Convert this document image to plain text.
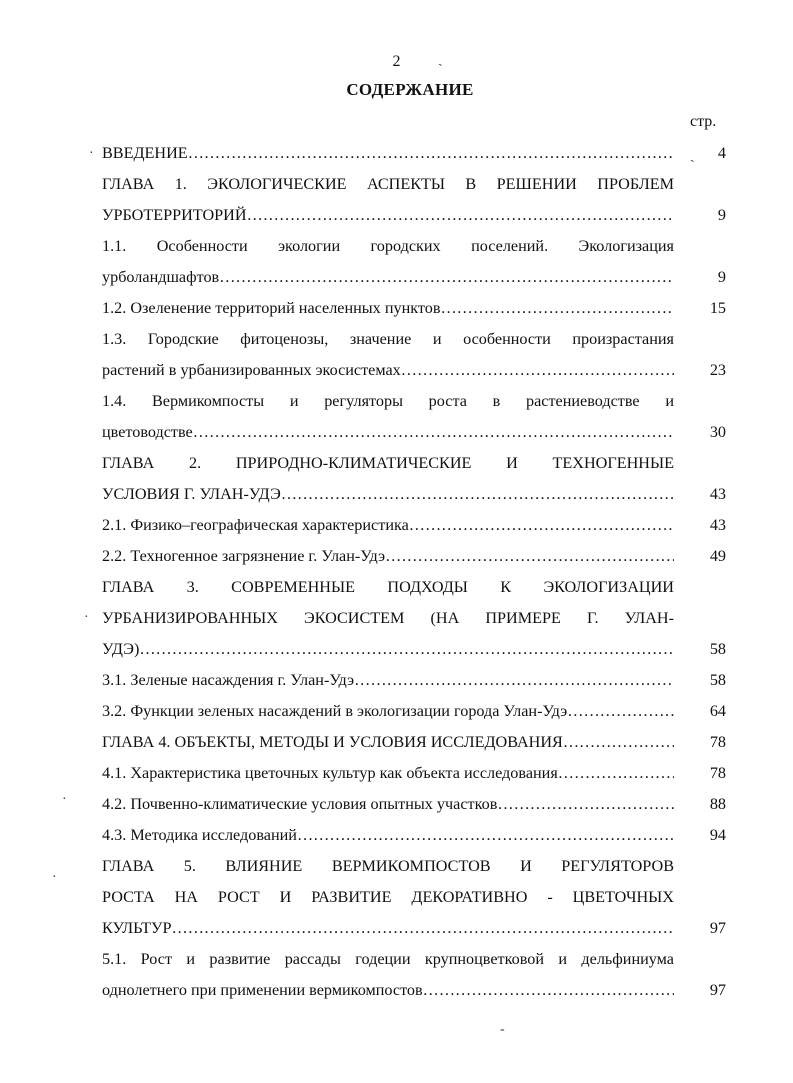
2
СОДЕРЖАНИЕ
стр.
ВВЕДЕНИЕ …………………………………………………………………………………………………………………………………………………………	4
ГЛАВА 1. ЭКОЛОГИЧЕСКИЕ АСПЕКТЫ В РЕШЕНИИ ПРОБЛЕМ
УРБОТЕРРИТОРИЙ …………………………………………………………………………………………………………………………………………………………	9
1.1. Особенности экологии городских поселений. Экологизация
урболандшафтов …………………………………………………………………………………………………………………………………………………………	9
1.2. Озеленение территорий населенных пунктов …………………………………………………………………………………………………………………………………………………………	15
1.3. Городские фитоценозы, значение и особенности произрастания
растений в урбанизированных экосистемах …………………………………………………………………………………………………………………………………………………………	23
1.4. Вермикомпосты и регуляторы роста в растениеводстве и
цветоводстве …………………………………………………………………………………………………………………………………………………………	30
ГЛАВА 2. ПРИРОДНО-КЛИМАТИЧЕСКИЕ И ТЕХНОГЕННЫЕ
УСЛОВИЯ Г. УЛАН-УДЭ …………………………………………………………………………………………………………………………………………………………	43
2.1. Физико–географическая характеристика …………………………………………………………………………………………………………………………………………………………	43
2.2. Техногенное загрязнение г. Улан-Удэ …………………………………………………………………………………………………………………………………………………………	49
ГЛАВА 3. СОВРЕМЕННЫЕ ПОДХОДЫ К ЭКОЛОГИЗАЦИИ
УРБАНИЗИРОВАННЫХ ЭКОСИСТЕМ (НА ПРИМЕРЕ Г. УЛАН-
УДЭ) …………………………………………………………………………………………………………………………………………………………	58
3.1. Зеленые насаждения г. Улан-Удэ …………………………………………………………………………………………………………………………………………………………	58
3.2. Функции зеленых насаждений в экологизации города Улан-Удэ …………………………………………………………………………………………………………………………………………………………	64
ГЛАВА 4. ОБЪЕКТЫ, МЕТОДЫ И УСЛОВИЯ ИССЛЕДОВАНИЯ …………………………………………………………………………………………………………………………………………………………	78
4.1. Характеристика цветочных культур как объекта исследования …………………………………………………………………………………………………………………………………………………………	78
4.2. Почвенно-климатические условия опытных участков …………………………………………………………………………………………………………………………………………………………	88
4.3. Методика исследований …………………………………………………………………………………………………………………………………………………………	94
ГЛАВА 5. ВЛИЯНИЕ ВЕРМИКОМПОСТОВ И РЕГУЛЯТОРОВ
РОСТА НА РОСТ И РАЗВИТИЕ ДЕКОРАТИВНО - ЦВЕТОЧНЫХ
КУЛЬТУР …………………………………………………………………………………………………………………………………………………………	97
5.1. Рост и развитие рассады годеции крупноцветковой и дельфиниума
однолетнего при применении вермикомпостов …………………………………………………………………………………………………………………………………………………………	97
·	ˎ
ˎ
·
·
·
-
